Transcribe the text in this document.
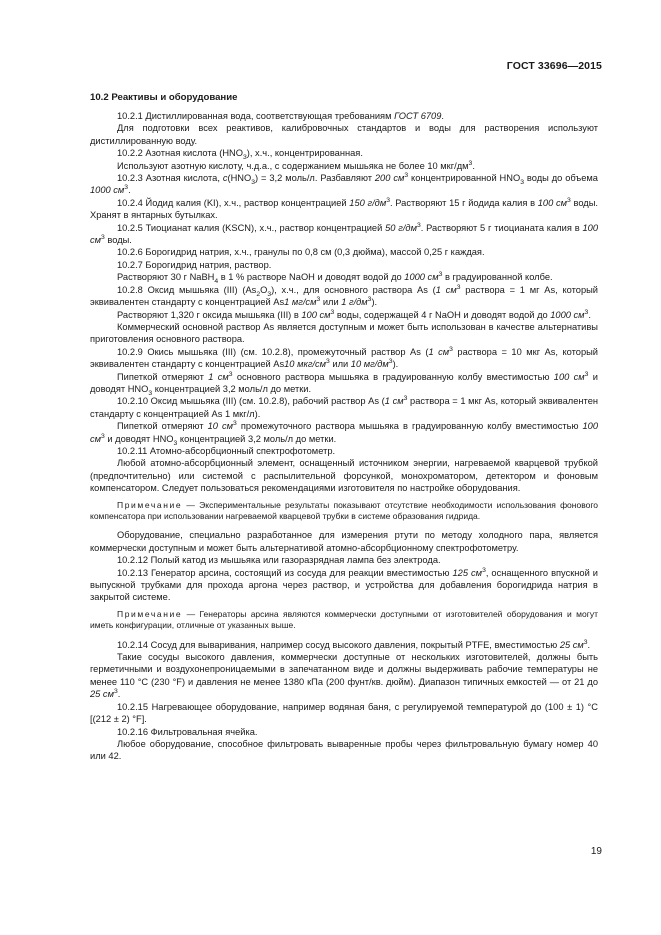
ГОСТ 33696—2015
10.2 Реактивы и оборудование

10.2.1 Дистиллированная вода, соответствующая требованиям ГОСТ 6709.

Для подготовки всех реактивов, калибровочных стандартов и воды для растворения используют дистиллированную воду.

10.2.2 Азотная кислота $(HNO_3)$, х.ч., концентрированная.

Используют азотную кислоту, ч.д.а., с содержанием мышьяка не более 10 мкг/$дм^3$.

10.2.3 Азотная кислота, $c(HNO_3) = 3,2$ моль/л. Разбавляют 200 $см^3$ концентрированной $HNO_3$ воды до объема 1000 $см^3$.

10.2.4 Йодид калия (KI), х.ч., раствор концентрацией 150 $г/дм^3$. Растворяют 15 г йодида калия в 100 $см^3$ воды. Хранят в янтарных бутылках.

10.2.5 Тиоцианат калия (KSCN), х.ч., раствор концентрацией 50 $г/дм^3$. Растворяют 5 г тиоцианата калия в 100 $см^3$ воды.

10.2.6 Борогидрид натрия, х.ч., гранулы по 0,8 см (0,3 дюйма), массой 0,25 г каждая.

10.2.7 Борогидрид натрия, раствор.

Растворяют 30 г NaBH$_4$ в 1 % растворе NaOH и доводят водой до 1000 $см^3$ в градуированной колбе.

10.2.8 Оксид мышьяка (III) $(As_2O_3)$, х.ч., для основного раствора As (1 $см^3$ раствора = 1 мг As, который эквивалентен стандарту с концентрацией As1 $мг/см^3$ или 1 $г/дм^3$).

Растворяют 1,320 г оксида мышьяка (III) в 100 $см^3$ воды, содержащей 4 г NaOH и доводят водой до 1000 $см^3$.

Коммерческий основной раствор As является доступным и может быть использован в качестве альтернативы приготовления основного раствора.

10.2.9 Окись мышьяка (III) (см. 10.2.8), промежуточный раствор As (1 $см^3$ раствора = 10 мкг As, который эквивалентен стандарту с концентрацией As10 мкг/$см^3$ или 10 $мг/дм^3$).

Пипеткой отмеряют 1 $см^3$ основного раствора мышьяка в градуированную колбу вместимостью 100 $см^3$ и доводят $HNO_3$ концентрацией 3,2 моль/л до метки.

10.2.10 Оксид мышьяка (III) (см. 10.2.8), рабочий раствор As (1 $см^3$ раствора = 1 мкг As, который эквивалентен стандарту с концентрацией As 1 мкг/л).

Пипеткой отмеряют 10 $см^3$ промежуточного раствора мышьяка в градуированную колбу вместимостью 100 $см^3$ и доводят $HNO_3$ концентрацией 3,2 моль/л до метки.

10.2.11 Атомно-абсорбционный спектрофотометр.

Любой атомно-абсорбционный элемент, оснащенный источником энергии, нагреваемой кварцевой трубкой (предпочтительно) или системой с распылительной форсункой, монохроматором, детектором и фоновым компенсатором. Следует пользоваться рекомендациями изготовителя по настройке оборудования.

Примечание — Экспериментальные результаты показывают отсутствие необходимости использования фонового компенсатора при использовании нагреваемой кварцевой трубки в системе образования гидрида.

Оборудование, специально разработанное для измерения ртути по методу холодного пара, является коммерчески доступным и может быть альтернативой атомно-абсорбционному спектрофотометру.

10.2.12 Полый катод из мышьяка или газоразрядная лампа без электрода.

10.2.13 Генератор арсина, состоящий из сосуда для реакции вместимостью 125 $см^3$, оснащенного впускной и выпускной трубками для прохода аргона через раствор, и устройства для добавления борогидрида натрия в закрытой системе.

Примечание — Генераторы арсина являются коммерчески доступными от изготовителей оборудования и могут иметь конфигурации, отличные от указанных выше.

10.2.14 Сосуд для вываривания, например сосуд высокого давления, покрытый PTFE, вместимостью 25 $см^3$.

Такие сосуды высокого давления, коммерчески доступные от нескольких изготовителей, должны быть герметичными и воздухонепроницаемыми в запечатанном виде и должны выдерживать рабочие температуры не менее 110 °С (230 °F) и давления не менее 1380 кПа (200 фунт/кв. дюйм). Диапазон типичных емкостей — от 21 до 25 $см^3$.

10.2.15 Нагревающее оборудование, например водяная баня, с регулируемой температурой до (100 ± 1) °С [(212 ± 2) °F].

10.2.16 Фильтровальная ячейка.

Любое оборудование, способное фильтровать вываренные пробы через фильтровальную бумагу номер 40 или 42.

19
